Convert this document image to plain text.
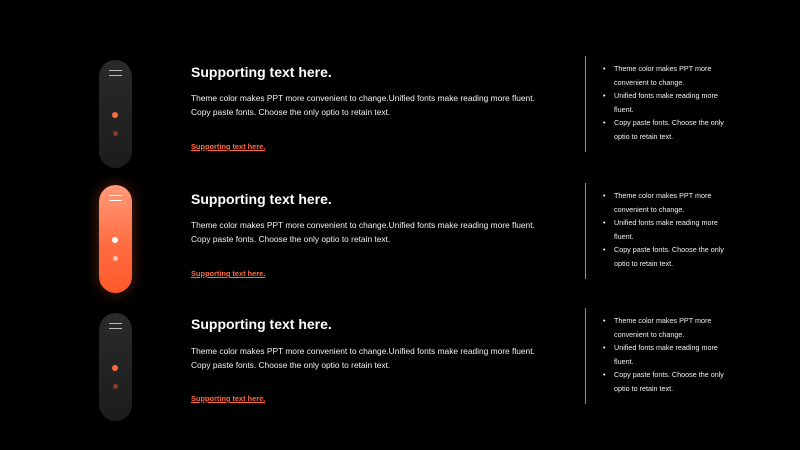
Supporting text here.
Theme color makes PPT more convenient to change.Unified fonts make reading more fluent.
Copy paste fonts. Choose the only optio to retain text.
Supporting text here.
• Theme color makes PPT more convenient to change.
• Unified fonts make reading more fluent.
• Copy paste fonts. Choose the only optio to retain text.
Supporting text here.
Theme color makes PPT more convenient to change.Unified fonts make reading more fluent.
Copy paste fonts. Choose the only optio to retain text.
Supporting text here.
• Theme color makes PPT more convenient to change.
• Unified fonts make reading more fluent.
• Copy paste fonts. Choose the only optio to retain text.
Supporting text here.
Theme color makes PPT more convenient to change.Unified fonts make reading more fluent.
Copy paste fonts. Choose the only optio to retain text.
Supporting text here.
• Theme color makes PPT more convenient to change.
• Unified fonts make reading more fluent.
• Copy paste fonts. Choose the only optio to retain text.
